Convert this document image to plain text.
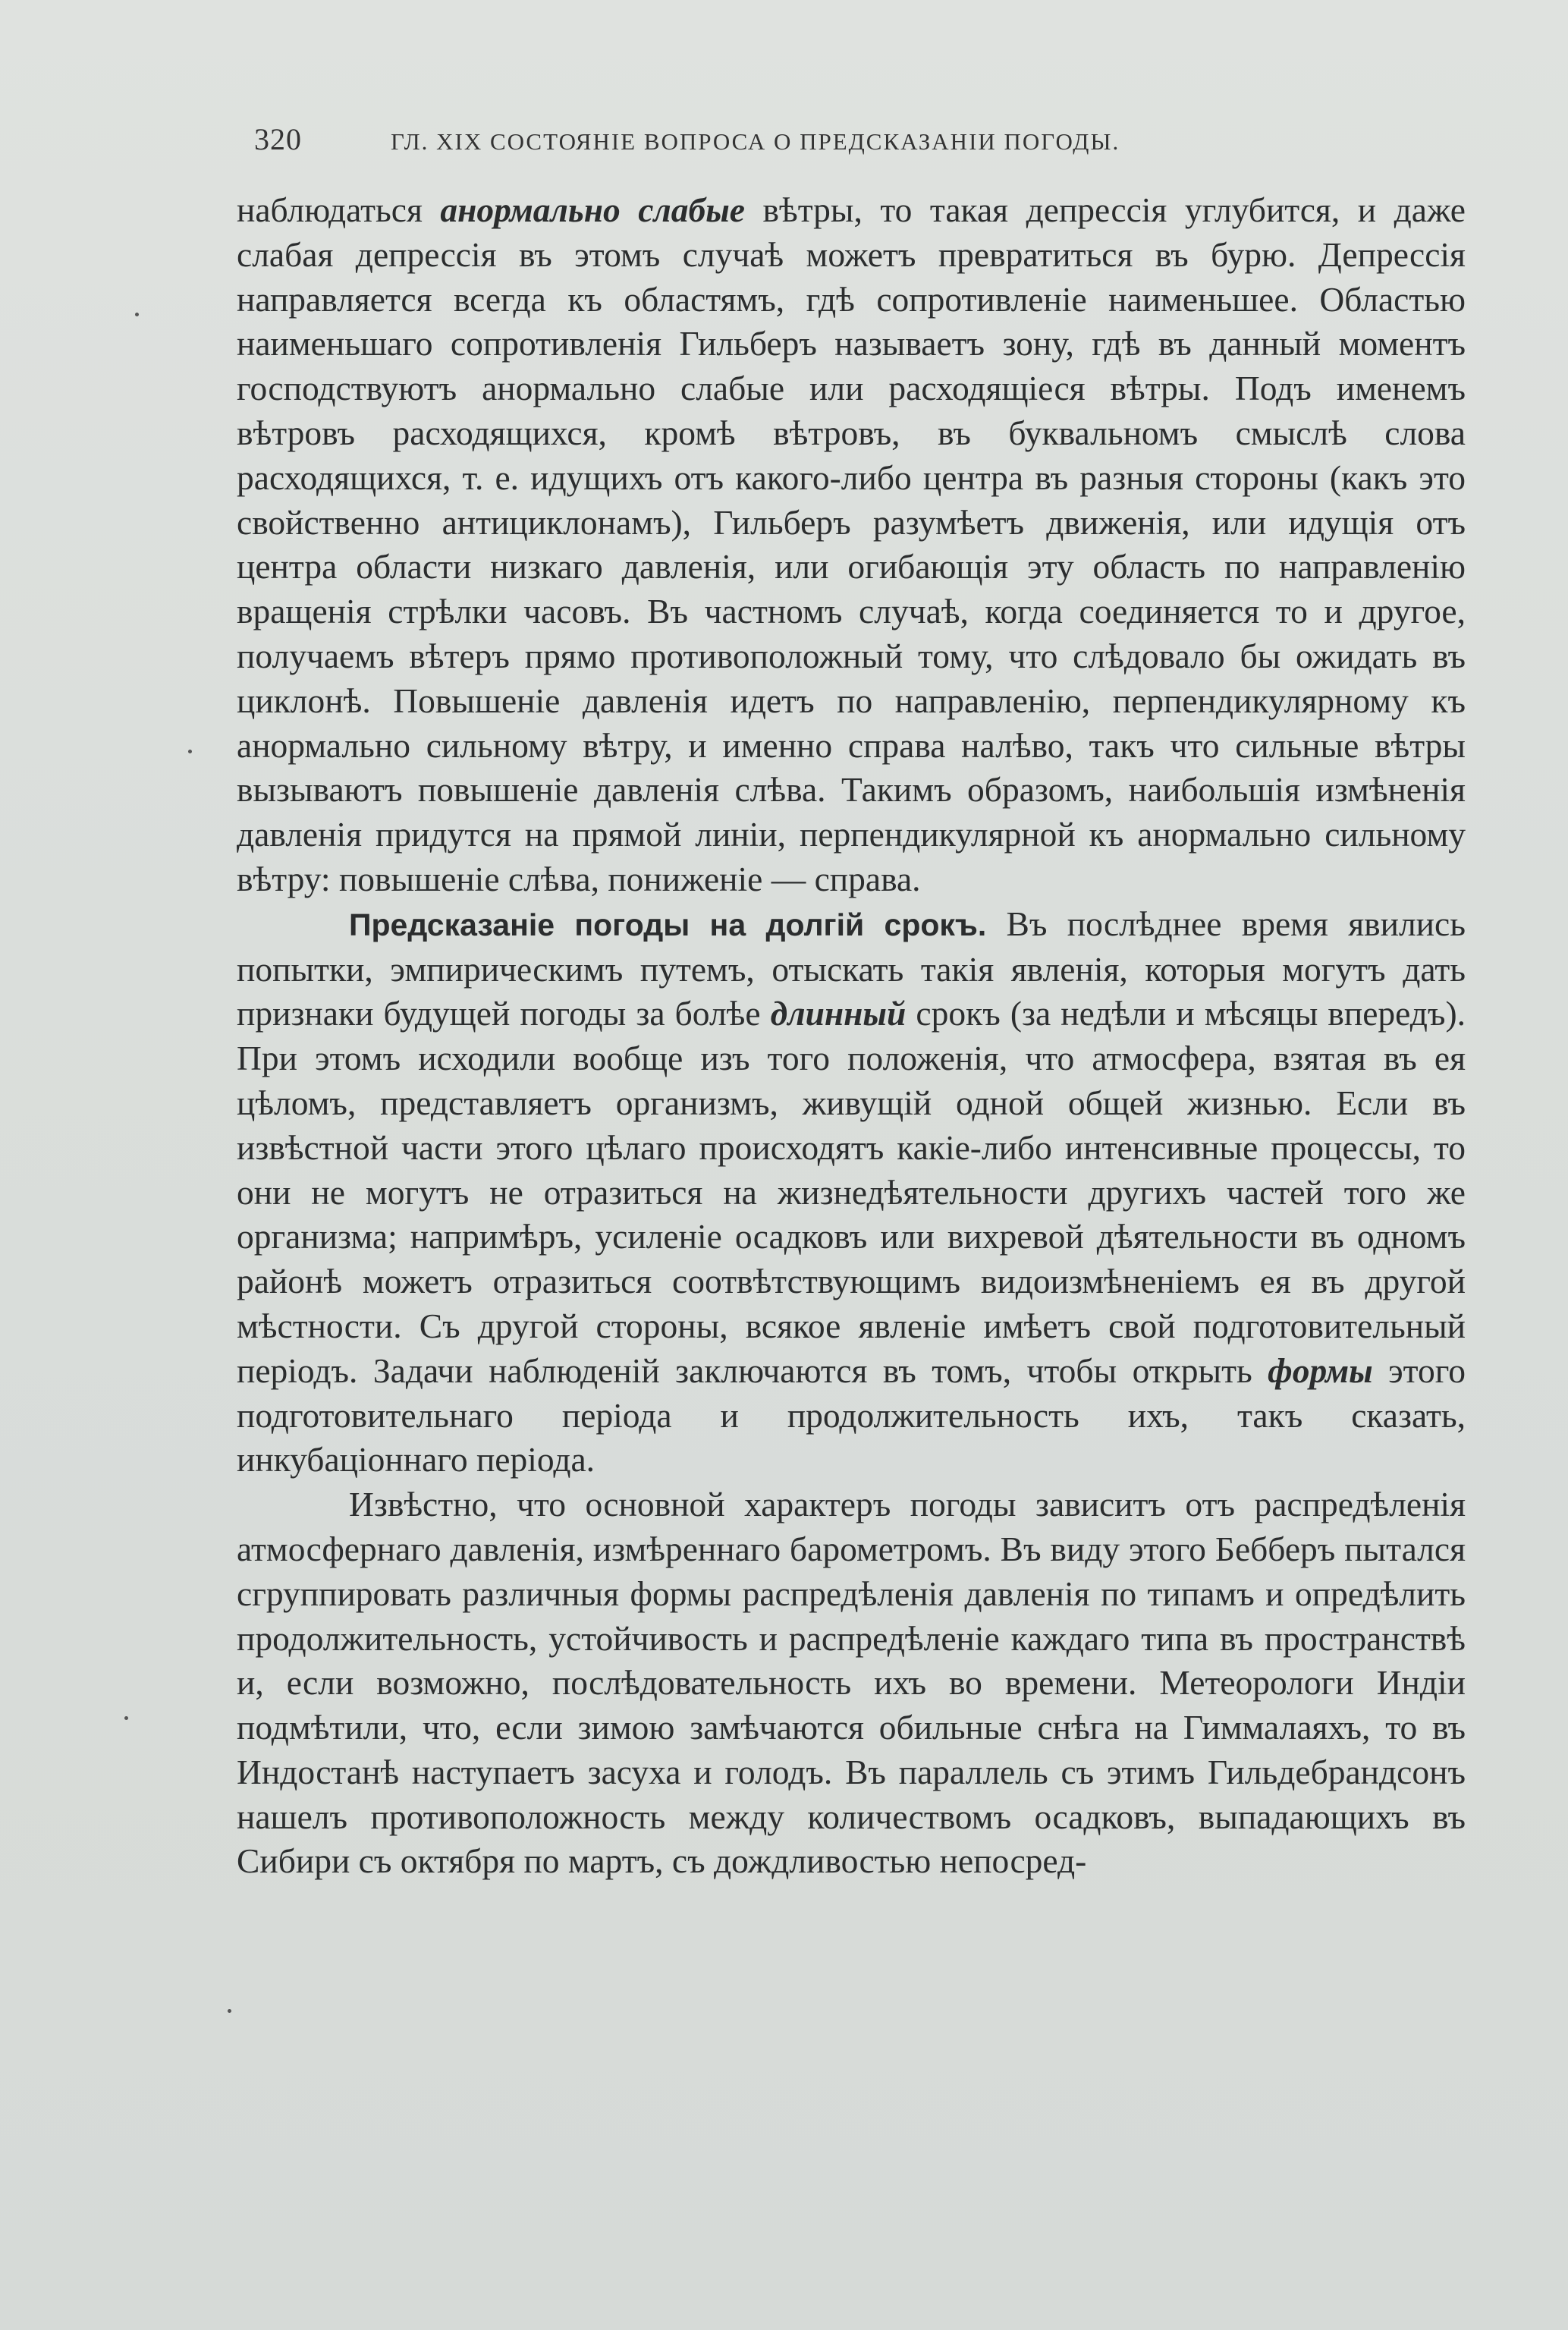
320	ГЛ. XIX СОСТОЯНІЕ ВОПРОСА О ПРЕДСКАЗАНІИ ПОГОДЫ.

наблюдаться анормально слабые вѣтры, то такая депрессія углубится, и даже слабая депрессія въ этомъ случаѣ можетъ превратиться въ бурю. Депрессія направляется всегда къ областямъ, гдѣ сопротивленіе наименьшее. Областью наименьшаго сопротивленія Гильберъ называетъ зону, гдѣ въ данный моментъ господствуютъ анормально слабые или расходящіеся вѣтры. Подъ именемъ вѣтровъ расходящихся, кромѣ вѣтровъ, въ буквальномъ смыслѣ слова расходящихся, т. е. идущихъ отъ какого-либо центра въ разныя стороны (какъ это свойственно антициклонамъ), Гильберъ разумѣетъ движенія, или идущія отъ центра области низкаго давленія, или огибающія эту область по направленію вращенія стрѣлки часовъ. Въ частномъ случаѣ, когда соединяется то и другое, получаемъ вѣтеръ прямо противоположный тому, что слѣдовало бы ожидать въ циклонѣ. Повышеніе давленія идетъ по направленію, перпендикулярному къ анормально сильному вѣтру, и именно справа налѣво, такъ что сильные вѣтры вызываютъ повышеніе давленія слѣва. Такимъ образомъ, наибольшія измѣненія давленія придутся на прямой линіи, перпендикулярной къ анормально сильному вѣтру: повышеніе слѣва, пониженіе — справа.

Предсказаніе погоды на долгій срокъ. Въ послѣднее время явились попытки, эмпирическимъ путемъ, отыскать такія явленія, которыя могутъ дать признаки будущей погоды за болѣе длинный срокъ (за недѣли и мѣсяцы впередъ). При этомъ исходили вообще изъ того положенія, что атмосфера, взятая въ ея цѣломъ, представляетъ организмъ, живущій одной общей жизнью. Если въ извѣстной части этого цѣлаго происходятъ какіе-либо интенсивные процессы, то они не могутъ не отразиться на жизнедѣятельности другихъ частей того же организма; напримѣръ, усиленіе осадковъ или вихревой дѣятельности въ одномъ районѣ можетъ отразиться соотвѣтствующимъ видоизмѣненіемъ ея въ другой мѣстности. Съ другой стороны, всякое явленіе имѣетъ свой подготовительный періодъ. Задачи наблюденій заключаются въ томъ, чтобы открыть формы этого подготовительнаго періода и продолжительность ихъ, такъ сказать, инкубаціоннаго періода.

Извѣстно, что основной характеръ погоды зависитъ отъ распредѣленія атмосфернаго давленія, измѣреннаго барометромъ. Въ виду этого Бебберъ пытался сгруппировать различныя формы распредѣленія давленія по типамъ и опредѣлить продолжительность, устойчивость и распредѣленіе каждаго типа въ пространствѣ и, если возможно, послѣдовательность ихъ во времени. Метеорологи Индіи подмѣтили, что, если зимою замѣчаются обильные снѣга на Гиммалаяхъ, то въ Индостанѣ наступаетъ засуха и голодъ. Въ параллель съ этимъ Гильдебрандсонъ нашелъ противоположность между количествомъ осадковъ, выпадающихъ въ Сибири съ октября по мартъ, съ дождливостью непосред-
